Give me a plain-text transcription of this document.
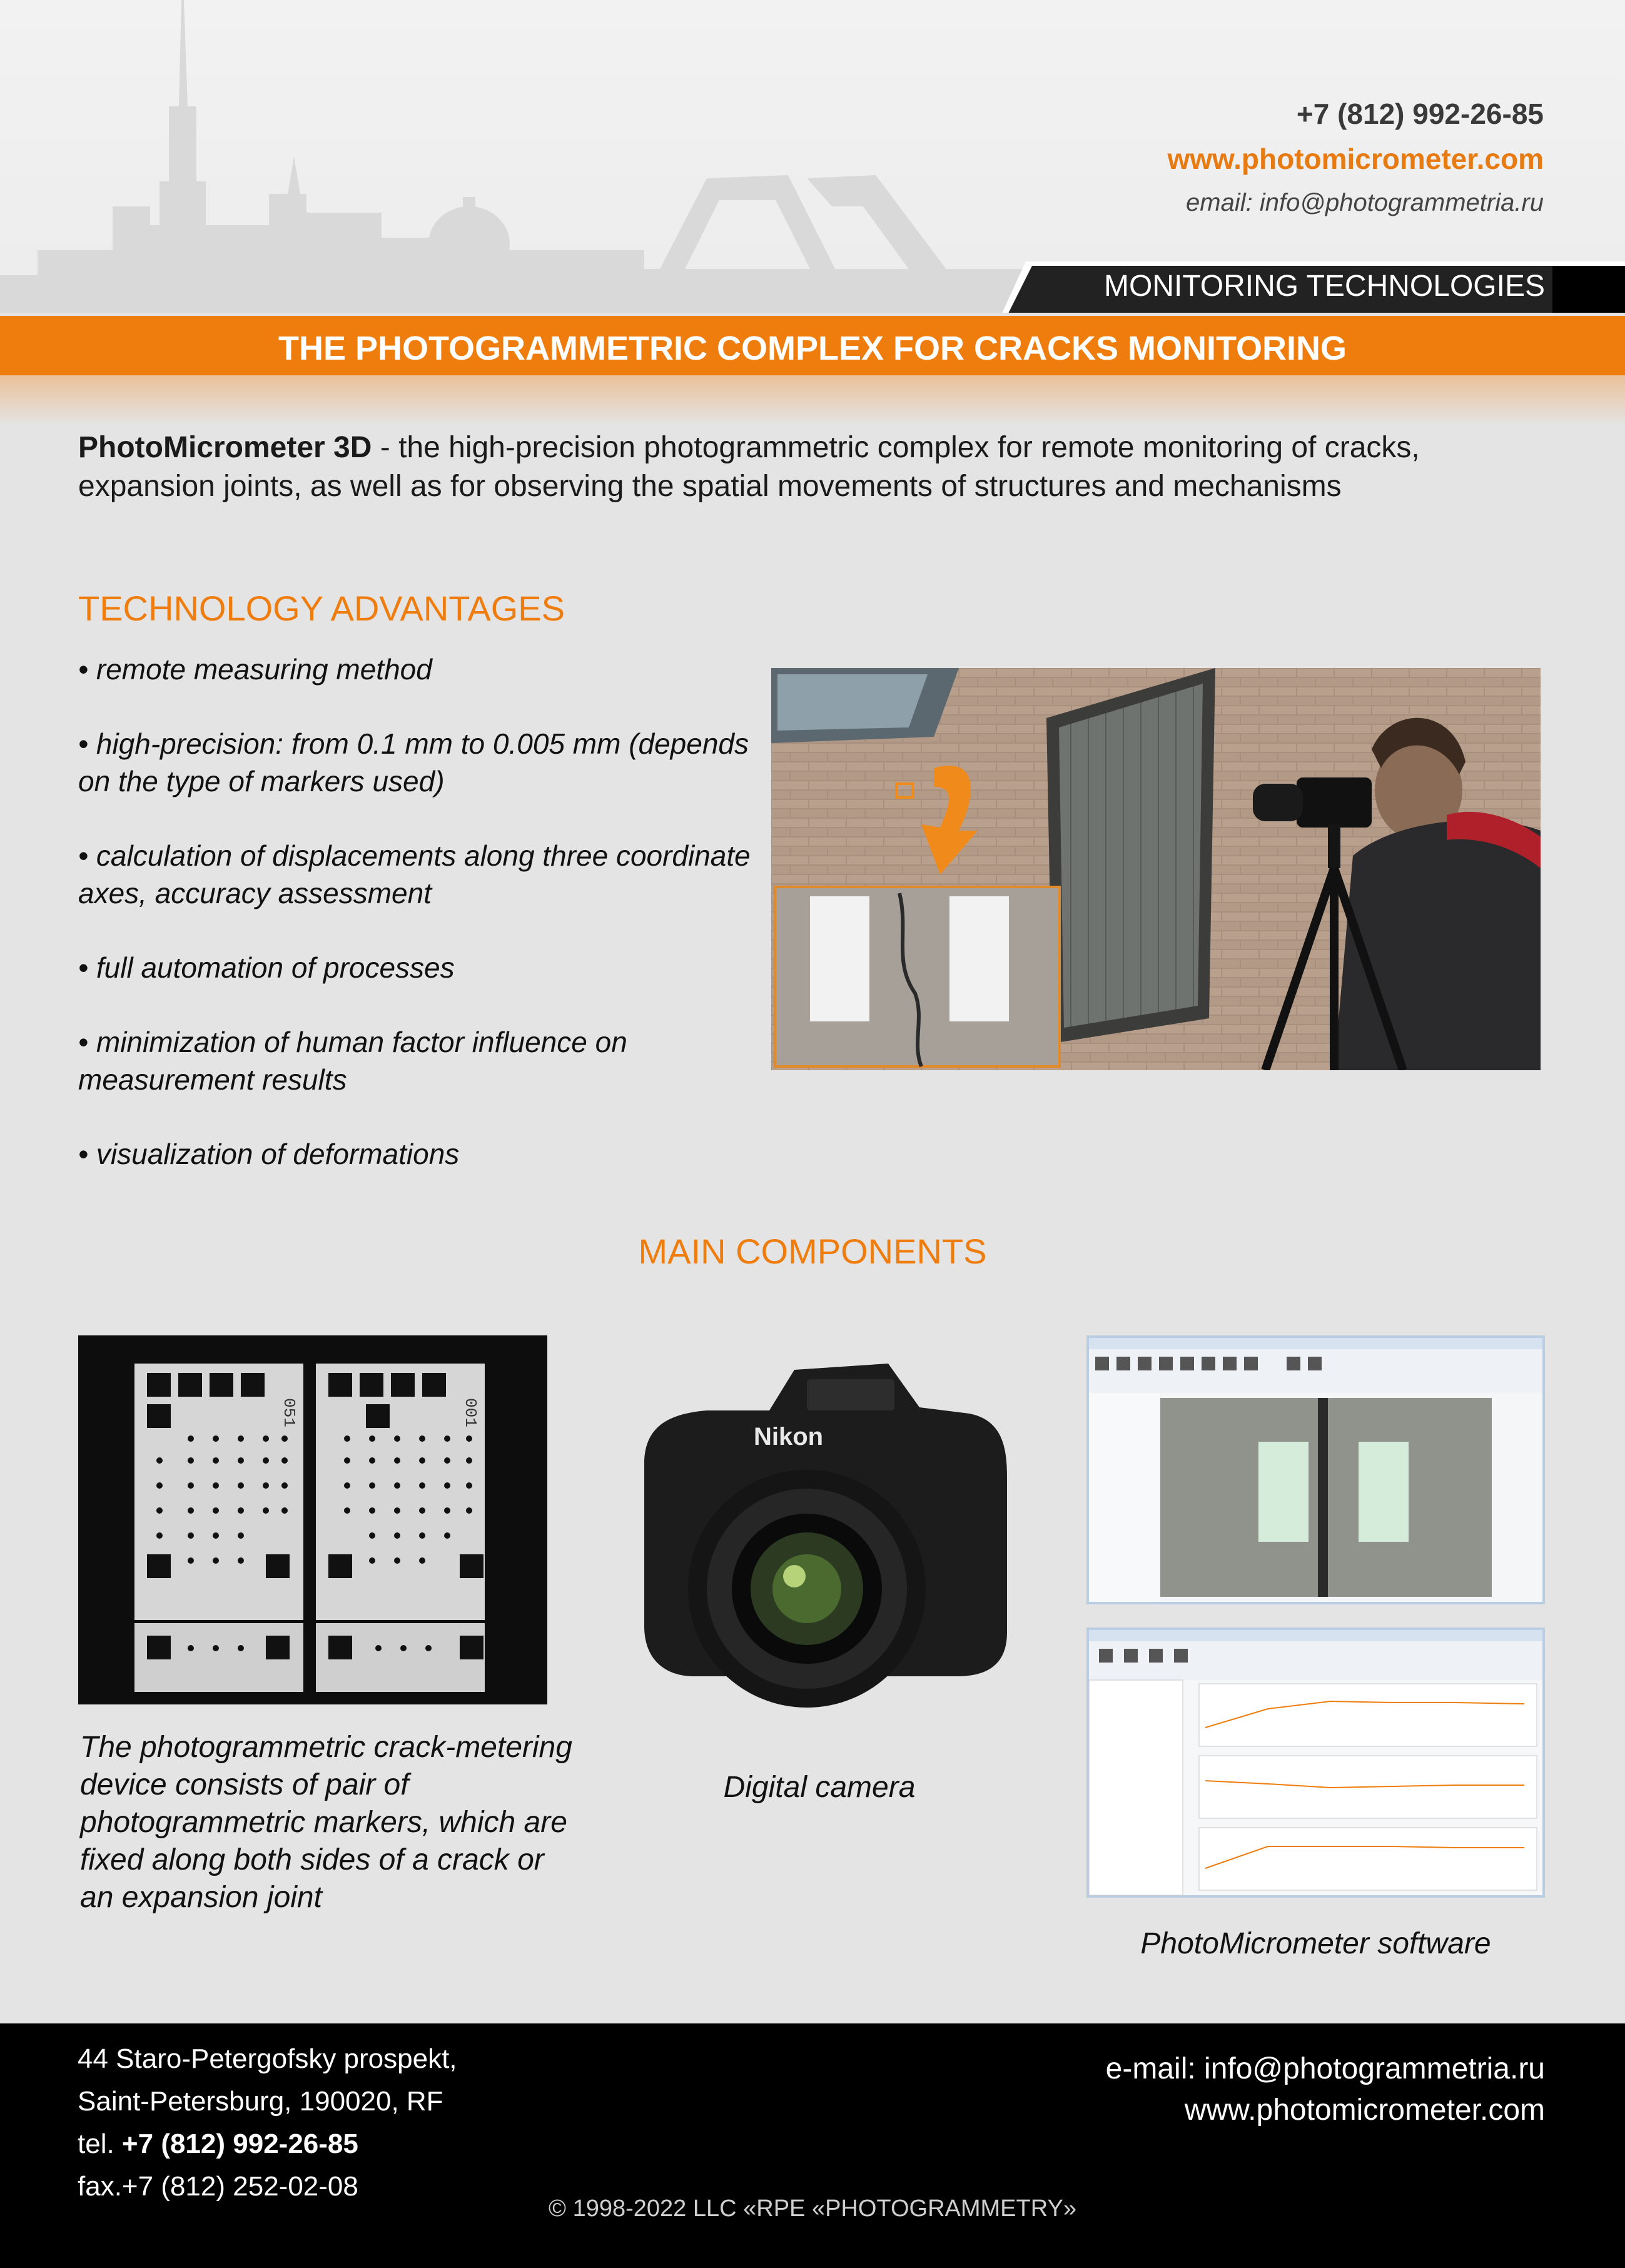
+7 (812) 992-26-85
www.photomicrometer.com
email: info@photogrammetria.ru
MONITORING TECHNOLOGIES
THE PHOTOGRAMMETRIC COMPLEX FOR CRACKS MONITORING
PhotoMicrometer 3D - the high-precision photogrammetric complex for remote monitoring of cracks, expansion joints, as well as for observing the spatial movements of structures and mechanisms
TECHNOLOGY ADVANTAGES
• remote measuring method
• high-precision: from 0.1 mm to 0.005 mm (depends on the type of markers used)
• calculation of displacements along three coordinate axes, accuracy assessment
• full automation of processes
• minimization of human factor influence on measurement results
• visualization of deformations
MAIN COMPONENTS
051	001
Nikon
The photogrammetric crack-metering device consists of pair of photogrammetric markers, which are fixed along both sides of a crack or an expansion joint
Digital camera
PhotoMicrometer software
44 Staro-Petergofsky prospekt,
Saint-Petersburg, 190020, RF
tel. +7 (812) 992-26-85
fax.+7 (812) 252-02-08
e-mail: info@photogrammetria.ru
www.photomicrometer.com
© 1998-2022 LLC «RPE «PHOTOGRAMMETRY»
